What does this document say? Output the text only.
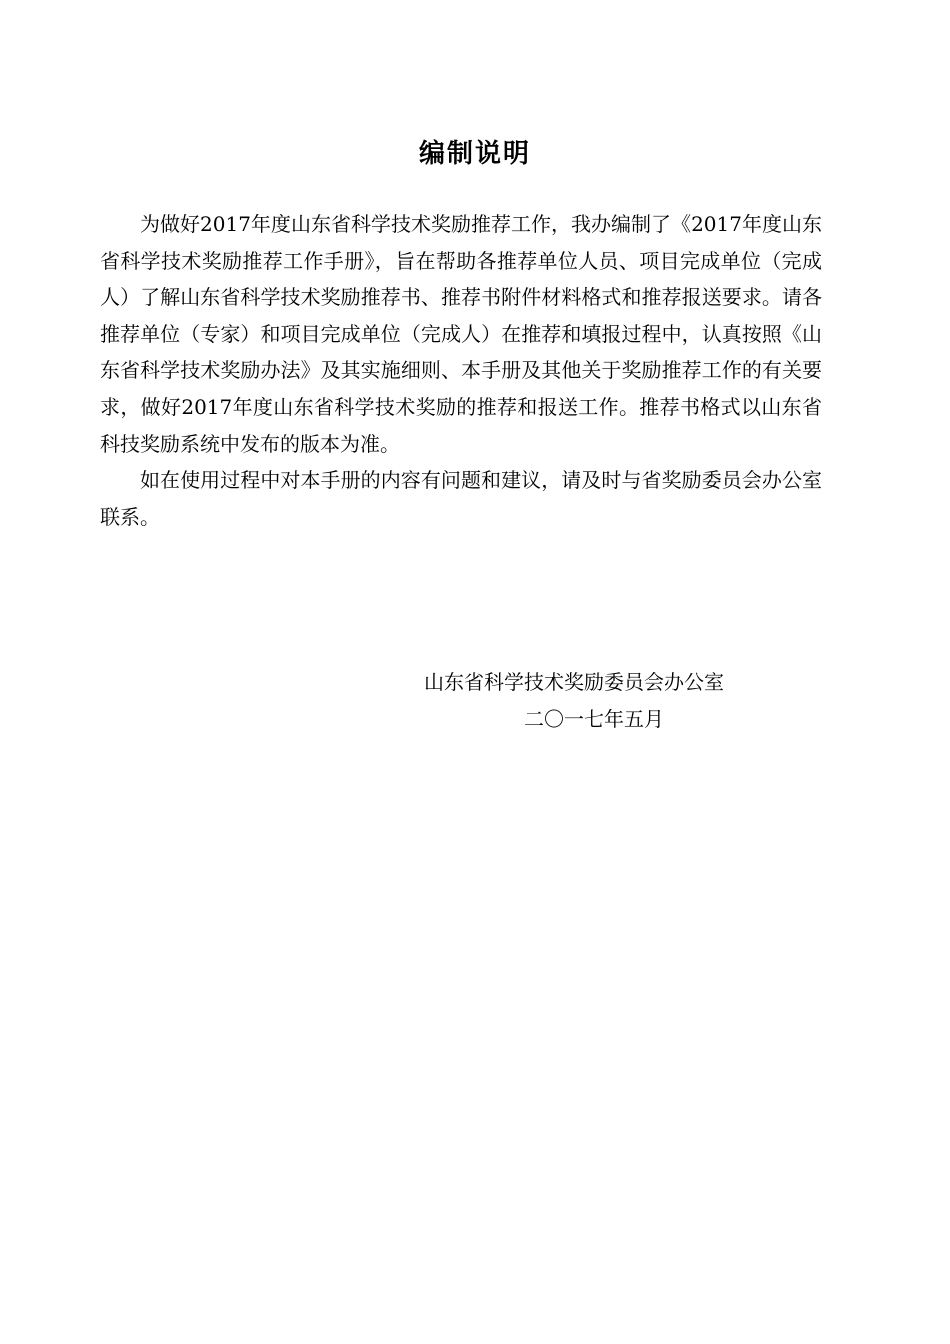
编制说明

为做好2017年度山东省科学技术奖励推荐工作，我办编制了《2017年度山东省科学技术奖励推荐工作手册》，旨在帮助各推荐单位人员、项目完成单位（完成人）了解山东省科学技术奖励推荐书、推荐书附件材料格式和推荐报送要求。请各推荐单位（专家）和项目完成单位（完成人）在推荐和填报过程中，认真按照《山东省科学技术奖励办法》及其实施细则、本手册及其他关于奖励推荐工作的有关要求，做好2017年度山东省科学技术奖励的推荐和报送工作。推荐书格式以山东省科技奖励系统中发布的版本为准。

如在使用过程中对本手册的内容有问题和建议，请及时与省奖励委员会办公室联系。

山东省科学技术奖励委员会办公室
二〇一七年五月
